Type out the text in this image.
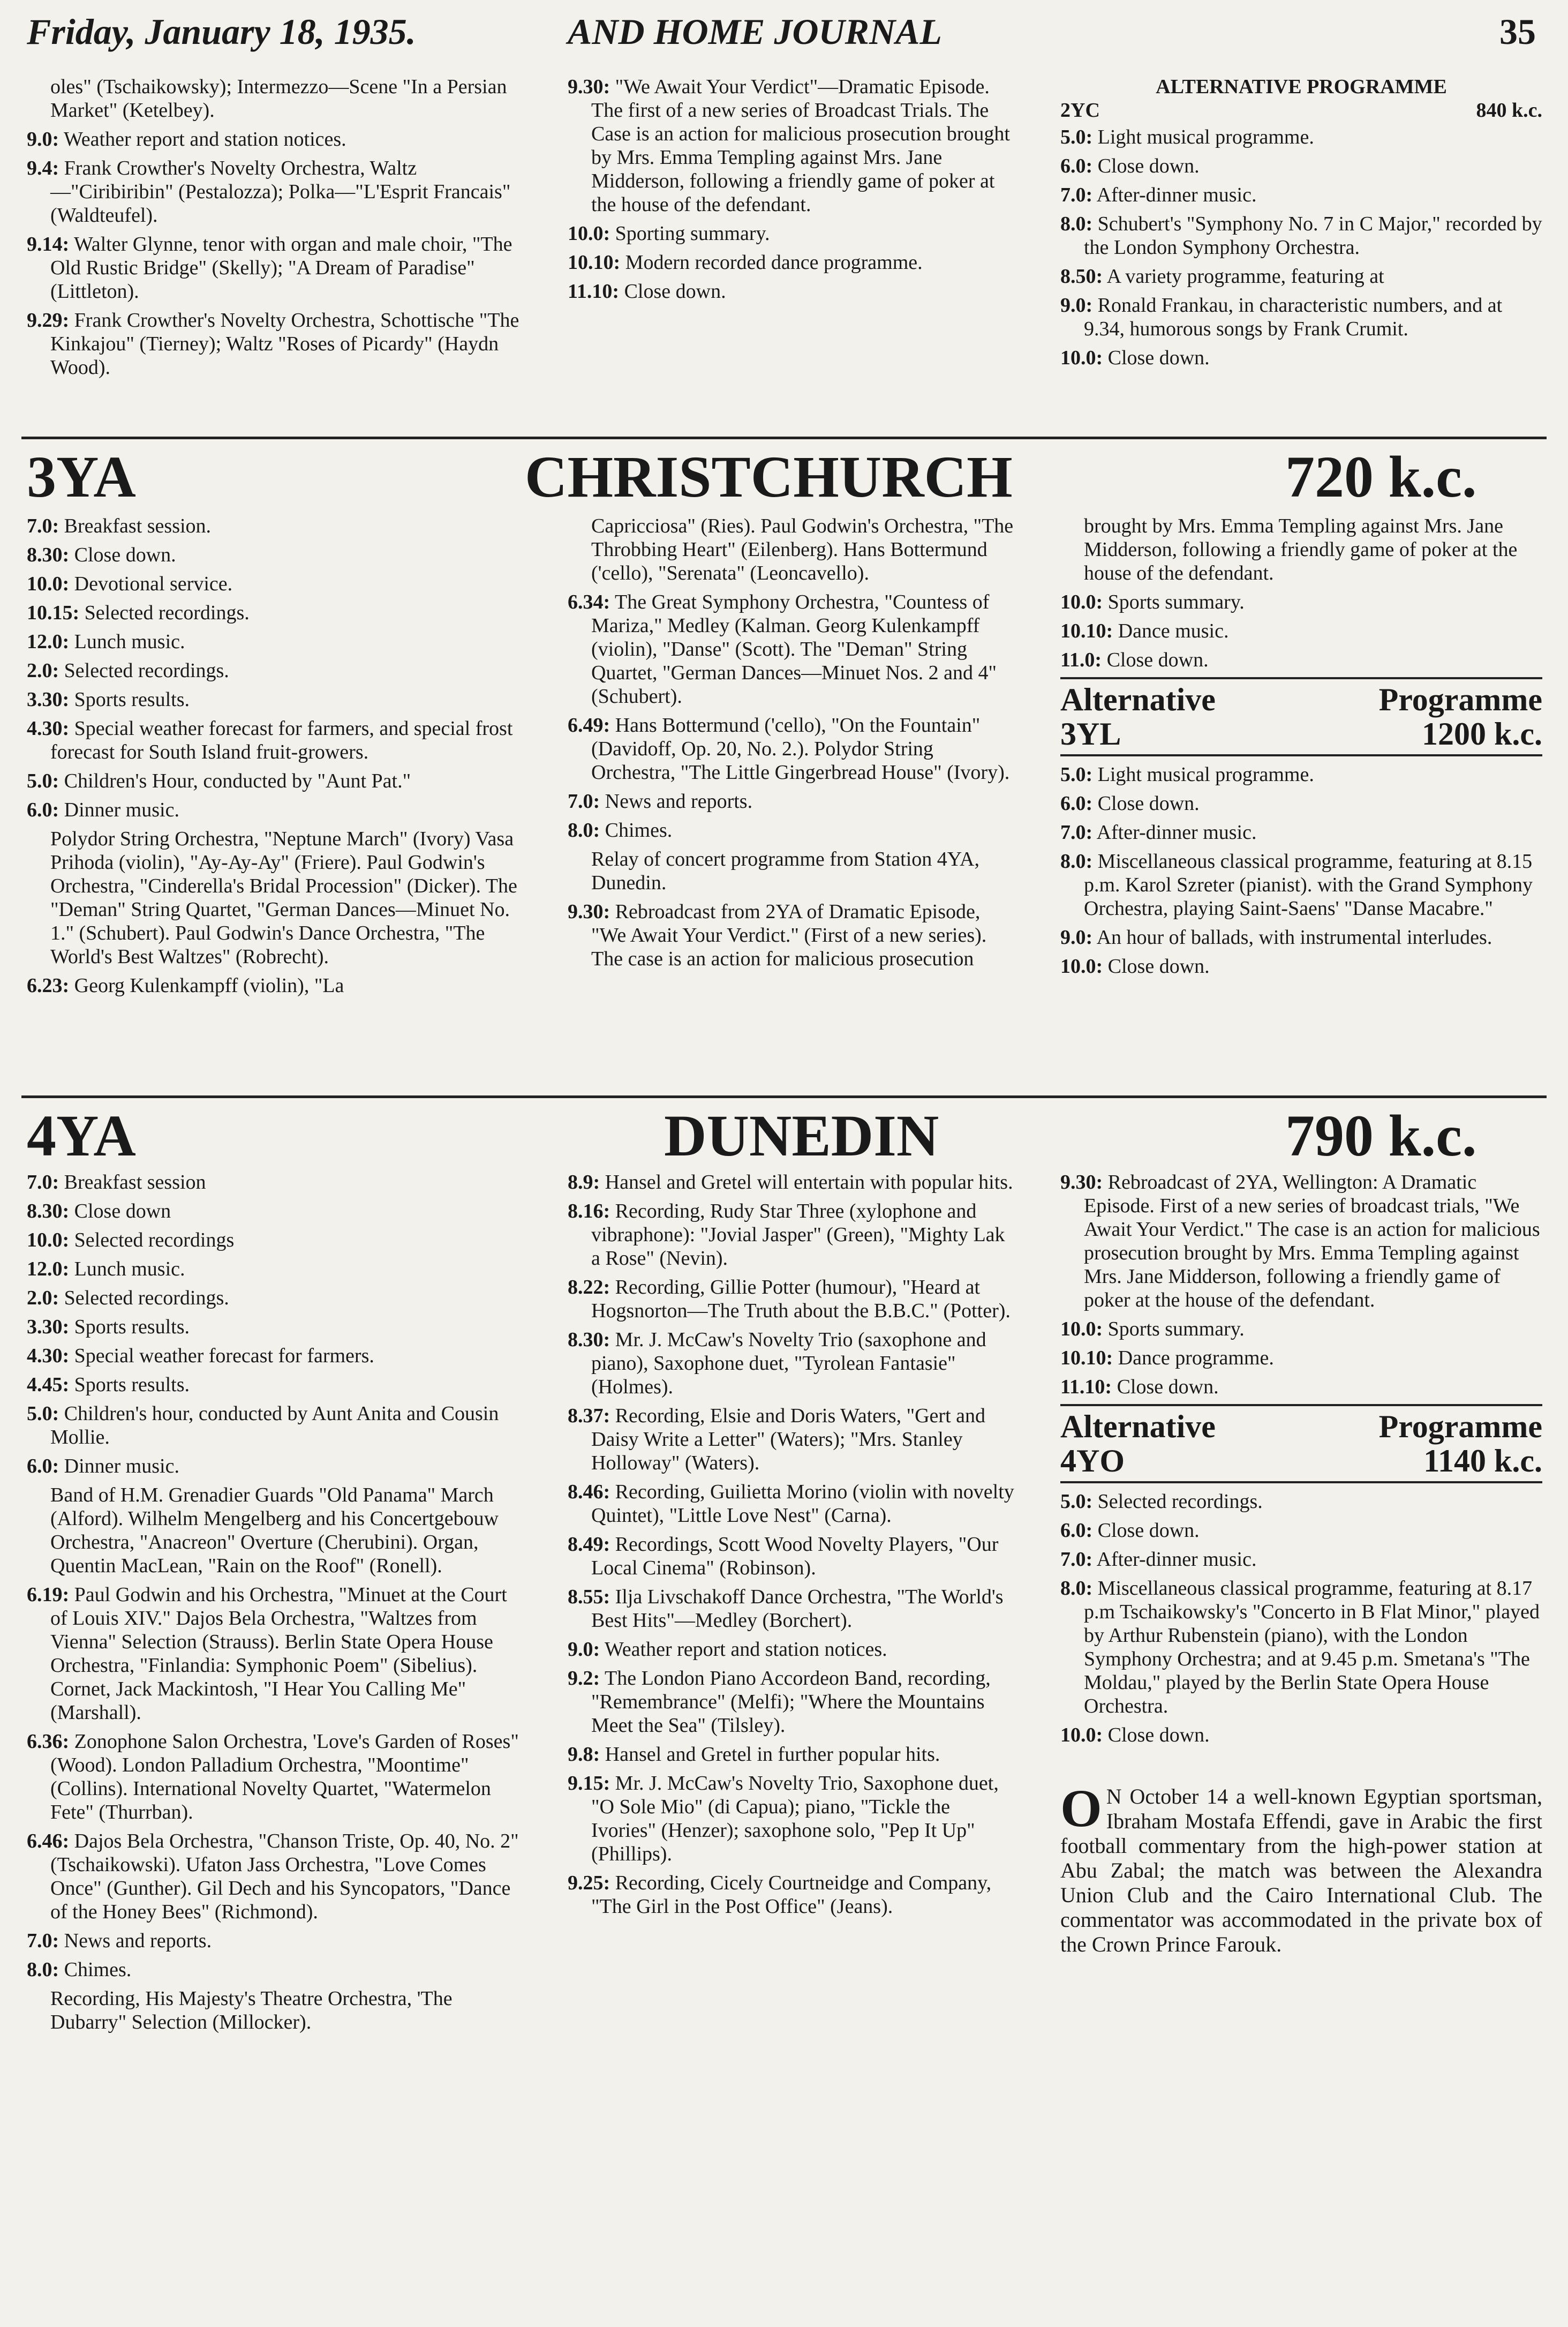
Friday, January 18, 1935.	AND HOME JOURNAL	35

oles" (Tschaikowsky); Intermezzo—Scene "In a Persian Market" (Ketelbey).

9.0: Weather report and station notices.

9.4: Frank Crowther's Novelty Orchestra, Waltz—"Ciribiribin" (Pestalozza); Polka—"L'Esprit Francais" (Waldteufel).

9.14: Walter Glynne, tenor with organ and male choir, "The Old Rustic Bridge" (Skelly); "A Dream of Paradise" (Littleton).

9.29: Frank Crowther's Novelty Orchestra, Schottische "The Kinkajou" (Tierney); Waltz "Roses of Picardy" (Haydn Wood).

9.30: "We Await Your Verdict"—Dramatic Episode. The first of a new series of Broadcast Trials. The Case is an action for malicious prosecution brought by Mrs. Emma Templing against Mrs. Jane Midderson, following a friendly game of poker at the house of the defendant.

10.0: Sporting summary.

10.10: Modern recorded dance programme.

11.10: Close down.

ALTERNATIVE PROGRAMME
2YC	840 k.c.

5.0: Light musical programme.

6.0: Close down.

7.0: After-dinner music.

8.0: Schubert's "Symphony No. 7 in C Major," recorded by the London Symphony Orchestra.

8.50: A variety programme, featuring at

9.0: Ronald Frankau, in characteristic numbers, and at 9.34, humorous songs by Frank Crumit.

10.0: Close down.

3YA	CHRISTCHURCH	720 k.c.

7.0: Breakfast session.

8.30: Close down.

10.0: Devotional service.

10.15: Selected recordings.

12.0: Lunch music.

2.0: Selected recordings.

3.30: Sports results.

4.30: Special weather forecast for farmers, and special frost forecast for South Island fruit-growers.

5.0: Children's Hour, conducted by "Aunt Pat."

6.0: Dinner music.

Polydor String Orchestra, "Neptune March" (Ivory) Vasa Prihoda (violin), "Ay-Ay-Ay" (Friere). Paul Godwin's Orchestra, "Cinderella's Bridal Procession" (Dicker). The "Deman" String Quartet, "German Dances—Minuet No. 1." (Schubert). Paul Godwin's Dance Orchestra, "The World's Best Waltzes" (Robrecht).

6.23: Georg Kulenkampff (violin), "La

Capricciosa" (Ries). Paul Godwin's Orchestra, "The Throbbing Heart" (Eilenberg). Hans Bottermund ('cello), "Serenata" (Leoncavello).

6.34: The Great Symphony Orchestra, "Countess of Mariza," Medley (Kalman. Georg Kulenkampff (violin), "Danse" (Scott). The "Deman" String Quartet, "German Dances—Minuet Nos. 2 and 4" (Schubert).

6.49: Hans Bottermund ('cello), "On the Fountain" (Davidoff, Op. 20, No. 2.). Polydor String Orchestra, "The Little Gingerbread House" (Ivory).

7.0: News and reports.

8.0: Chimes.

Relay of concert programme from Station 4YA, Dunedin.

9.30: Rebroadcast from 2YA of Dramatic Episode, "We Await Your Verdict." (First of a new series). The case is an action for malicious prosecution

brought by Mrs. Emma Templing against Mrs. Jane Midderson, following a friendly game of poker at the house of the defendant.

10.0: Sports summary.

10.10: Dance music.

11.0: Close down.

Alternative	Programme
3YL	1200 k.c.

5.0: Light musical programme.

6.0: Close down.

7.0: After-dinner music.

8.0: Miscellaneous classical programme, featuring at 8.15 p.m. Karol Szreter (pianist). with the Grand Symphony Orchestra, playing Saint-Saens' "Danse Macabre."

9.0: An hour of ballads, with instrumental interludes.

10.0: Close down.

4YA	DUNEDIN	790 k.c.

7.0: Breakfast session

8.30: Close down

10.0: Selected recordings

12.0: Lunch music.

2.0: Selected recordings.

3.30: Sports results.

4.30: Special weather forecast for farmers.

4.45: Sports results.

5.0: Children's hour, conducted by Aunt Anita and Cousin Mollie.

6.0: Dinner music.

Band of H.M. Grenadier Guards "Old Panama" March (Alford). Wilhelm Mengelberg and his Concertgebouw Orchestra, "Anacreon" Overture (Cherubini). Organ, Quentin MacLean, "Rain on the Roof" (Ronell).

6.19: Paul Godwin and his Orchestra, "Minuet at the Court of Louis XIV." Dajos Bela Orchestra, "Waltzes from Vienna" Selection (Strauss). Berlin State Opera House Orchestra, "Finlandia: Symphonic Poem" (Sibelius). Cornet, Jack Mackintosh, "I Hear You Calling Me" (Marshall).

6.36: Zonophone Salon Orchestra, 'Love's Garden of Roses" (Wood). London Palladium Orchestra, "Moontime" (Collins). International Novelty Quartet, "Watermelon Fete" (Thurrban).

6.46: Dajos Bela Orchestra, "Chanson Triste, Op. 40, No. 2" (Tschaikowski). Ufaton Jass Orchestra, "Love Comes Once" (Gunther). Gil Dech and his Syncopators, "Dance of the Honey Bees" (Richmond).

7.0: News and reports.

8.0: Chimes.

Recording, His Majesty's Theatre Orchestra, 'The Dubarry" Selection (Millocker).

8.9: Hansel and Gretel will entertain with popular hits.

8.16: Recording, Rudy Star Three (xylophone and vibraphone): "Jovial Jasper" (Green), "Mighty Lak a Rose" (Nevin).

8.22: Recording, Gillie Potter (humour), "Heard at Hogsnorton—The Truth about the B.B.C." (Potter).

8.30: Mr. J. McCaw's Novelty Trio (saxophone and piano), Saxophone duet, "Tyrolean Fantasie" (Holmes).

8.37: Recording, Elsie and Doris Waters, "Gert and Daisy Write a Letter" (Waters); "Mrs. Stanley Holloway" (Waters).

8.46: Recording, Guilietta Morino (violin with novelty Quintet), "Little Love Nest" (Carna).

8.49: Recordings, Scott Wood Novelty Players, "Our Local Cinema" (Robinson).

8.55: Ilja Livschakoff Dance Orchestra, "The World's Best Hits"—Medley (Borchert).

9.0: Weather report and station notices.

9.2: The London Piano Accordeon Band, recording, "Remembrance" (Melfi); "Where the Mountains Meet the Sea" (Tilsley).

9.8: Hansel and Gretel in further popular hits.

9.15: Mr. J. McCaw's Novelty Trio, Saxophone duet, "O Sole Mio" (di Capua); piano, "Tickle the Ivories" (Henzer); saxophone solo, "Pep It Up" (Phillips).

9.25: Recording, Cicely Courtneidge and Company, "The Girl in the Post Office" (Jeans).

9.30: Rebroadcast of 2YA, Wellington: A Dramatic Episode. First of a new series of broadcast trials, "We Await Your Verdict." The case is an action for malicious prosecution brought by Mrs. Emma Templing against Mrs. Jane Midderson, following a friendly game of poker at the house of the defendant.

10.0: Sports summary.

10.10: Dance programme.

11.10: Close down.

Alternative	Programme
4YO	1140 k.c.

5.0: Selected recordings.

6.0: Close down.

7.0: After-dinner music.

8.0: Miscellaneous classical programme, featuring at 8.17 p.m Tschaikowsky's "Concerto in B Flat Minor," played by Arthur Rubenstein (piano), with the London Symphony Orchestra; and at 9.45 p.m. Smetana's "The Moldau," played by the Berlin State Opera House Orchestra.

10.0: Close down.

O N October 14 a well-known Egyptian sportsman, Ibraham Mostafa Effendi, gave in Arabic the first football commentary from the high-power station at Abu Zabal; the match was between the Alexandra Union Club and the Cairo International Club. The commentator was accommodated in the private box of the Crown Prince Farouk.
